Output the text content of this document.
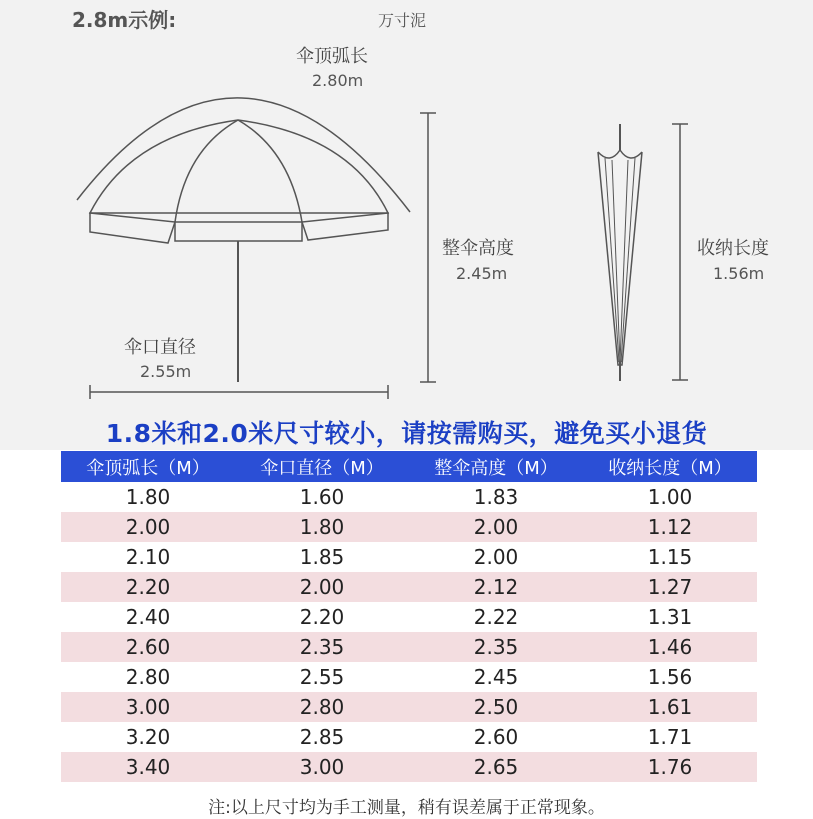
2.8m示例:	万寸泥
伞顶弧长
2.80m
整伞高度
2.45m
收纳长度
1.56m
伞口直径
2.55m
1.8米和2.0米尺寸较小，请按需购买，避免买小退货
伞顶弧长（M）	伞口直径（M）	整伞高度（M）	收纳长度（M）
1.80	1.60	1.83	1.00
2.00	1.80	2.00	1.12
2.10	1.85	2.00	1.15
2.20	2.00	2.12	1.27
2.40	2.20	2.22	1.31
2.60	2.35	2.35	1.46
2.80	2.55	2.45	1.56
3.00	2.80	2.50	1.61
3.20	2.85	2.60	1.71
3.40	3.00	2.65	1.76
注:以上尺寸均为手工测量，稍有误差属于正常现象。
